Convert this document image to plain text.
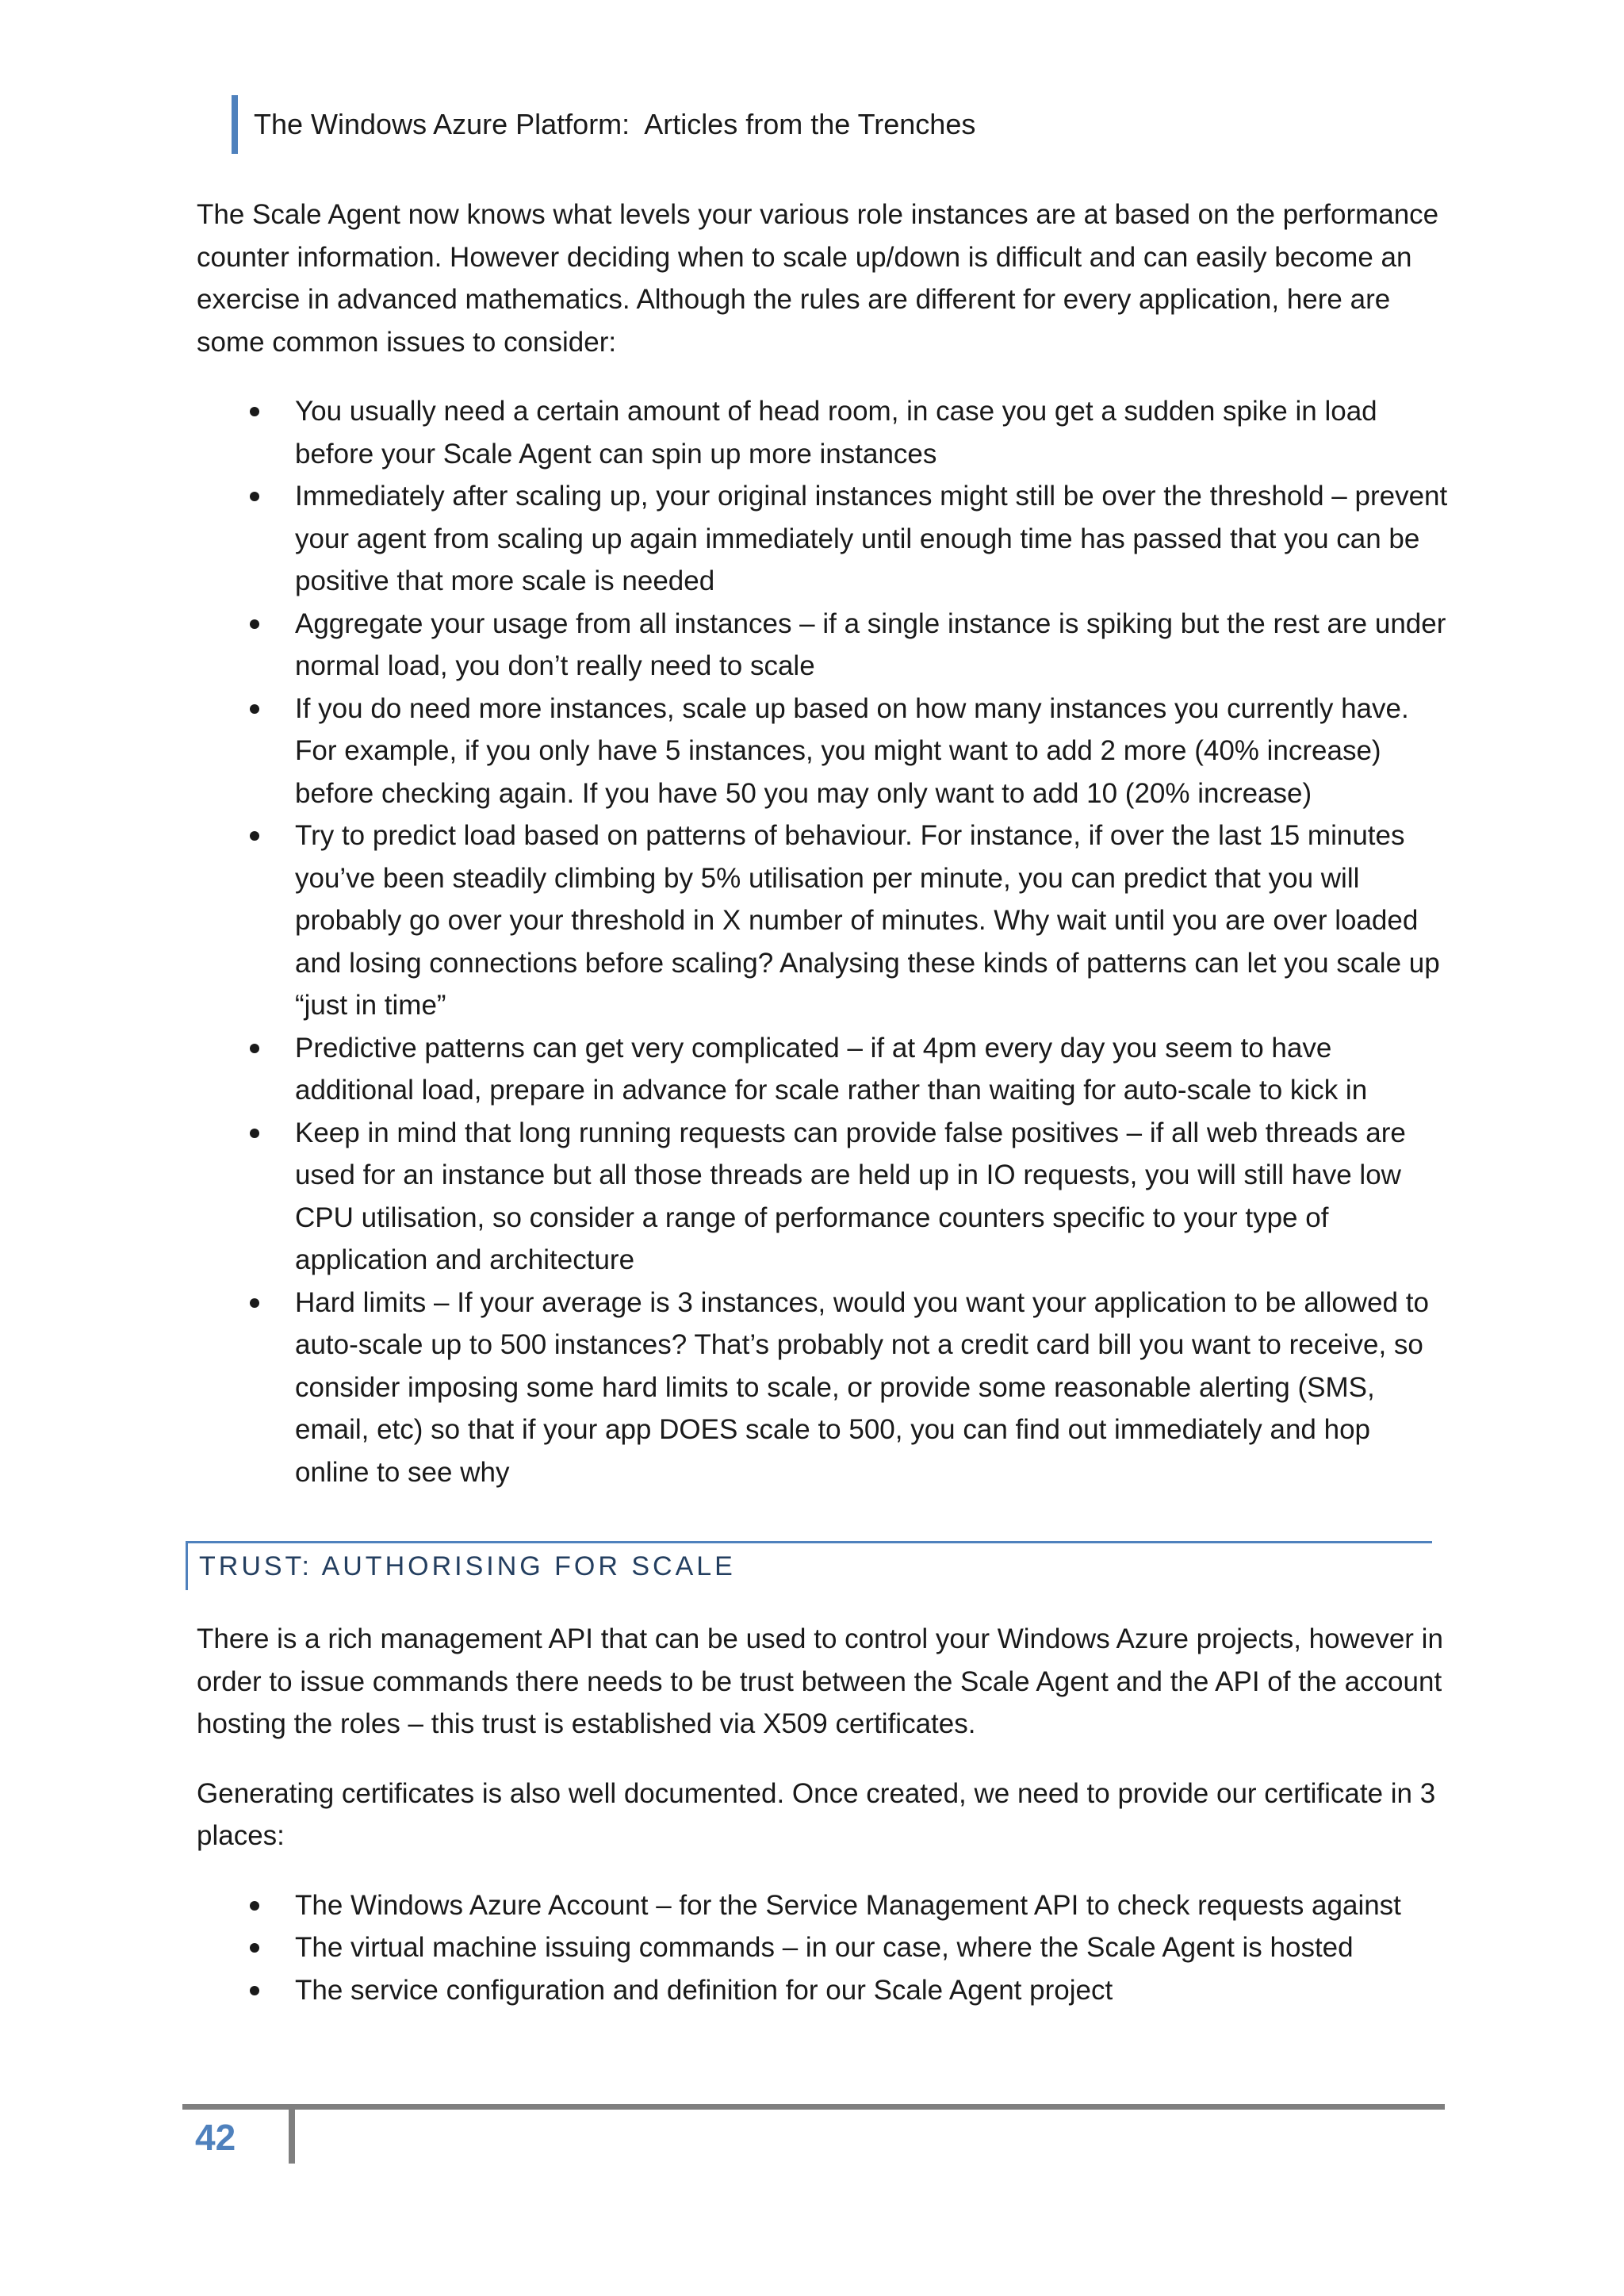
The Windows Azure Platform:  Articles from the Trenches

The Scale Agent now knows what levels your various role instances are at based on the performance counter information. However deciding when to scale up/down is difficult and can easily become an exercise in advanced mathematics. Although the rules are different for every application, here are some common issues to consider:

You usually need a certain amount of head room, in case you get a sudden spike in load before your Scale Agent can spin up more instances
Immediately after scaling up, your original instances might still be over the threshold – prevent your agent from scaling up again immediately until enough time has passed that you can be positive that more scale is needed
Aggregate your usage from all instances – if a single instance is spiking but the rest are under normal load, you don’t really need to scale
If you do need more instances, scale up based on how many instances you currently have. For example, if you only have 5 instances, you might want to add 2 more (40% increase) before checking again. If you have 50 you may only want to add 10 (20% increase)
Try to predict load based on patterns of behaviour. For instance, if over the last 15 minutes you’ve been steadily climbing by 5% utilisation per minute, you can predict that you will probably go over your threshold in X number of minutes. Why wait until you are over loaded and losing connections before scaling? Analysing these kinds of patterns can let you scale up “just in time”
Predictive patterns can get very complicated – if at 4pm every day you seem to have additional load, prepare in advance for scale rather than waiting for auto-scale to kick in
Keep in mind that long running requests can provide false positives – if all web threads are used for an instance but all those threads are held up in IO requests, you will still have low CPU utilisation, so consider a range of performance counters specific to your type of application and architecture
Hard limits – If your average is 3 instances, would you want your application to be allowed to auto-scale up to 500 instances? That’s probably not a credit card bill you want to receive, so consider imposing some hard limits to scale, or provide some reasonable alerting (SMS, email, etc) so that if your app DOES scale to 500, you can find out immediately and hop online to see why
TRUST: AUTHORISING FOR SCALE

There is a rich management API that can be used to control your Windows Azure projects, however in order to issue commands there needs to be trust between the Scale Agent and the API of the account hosting the roles – this trust is established via X509 certificates.

Generating certificates is also well documented. Once created, we need to provide our certificate in 3 places:

The Windows Azure Account – for the Service Management API to check requests against
The virtual machine issuing commands – in our case, where the Scale Agent is hosted
The service configuration and definition for our Scale Agent project
42
